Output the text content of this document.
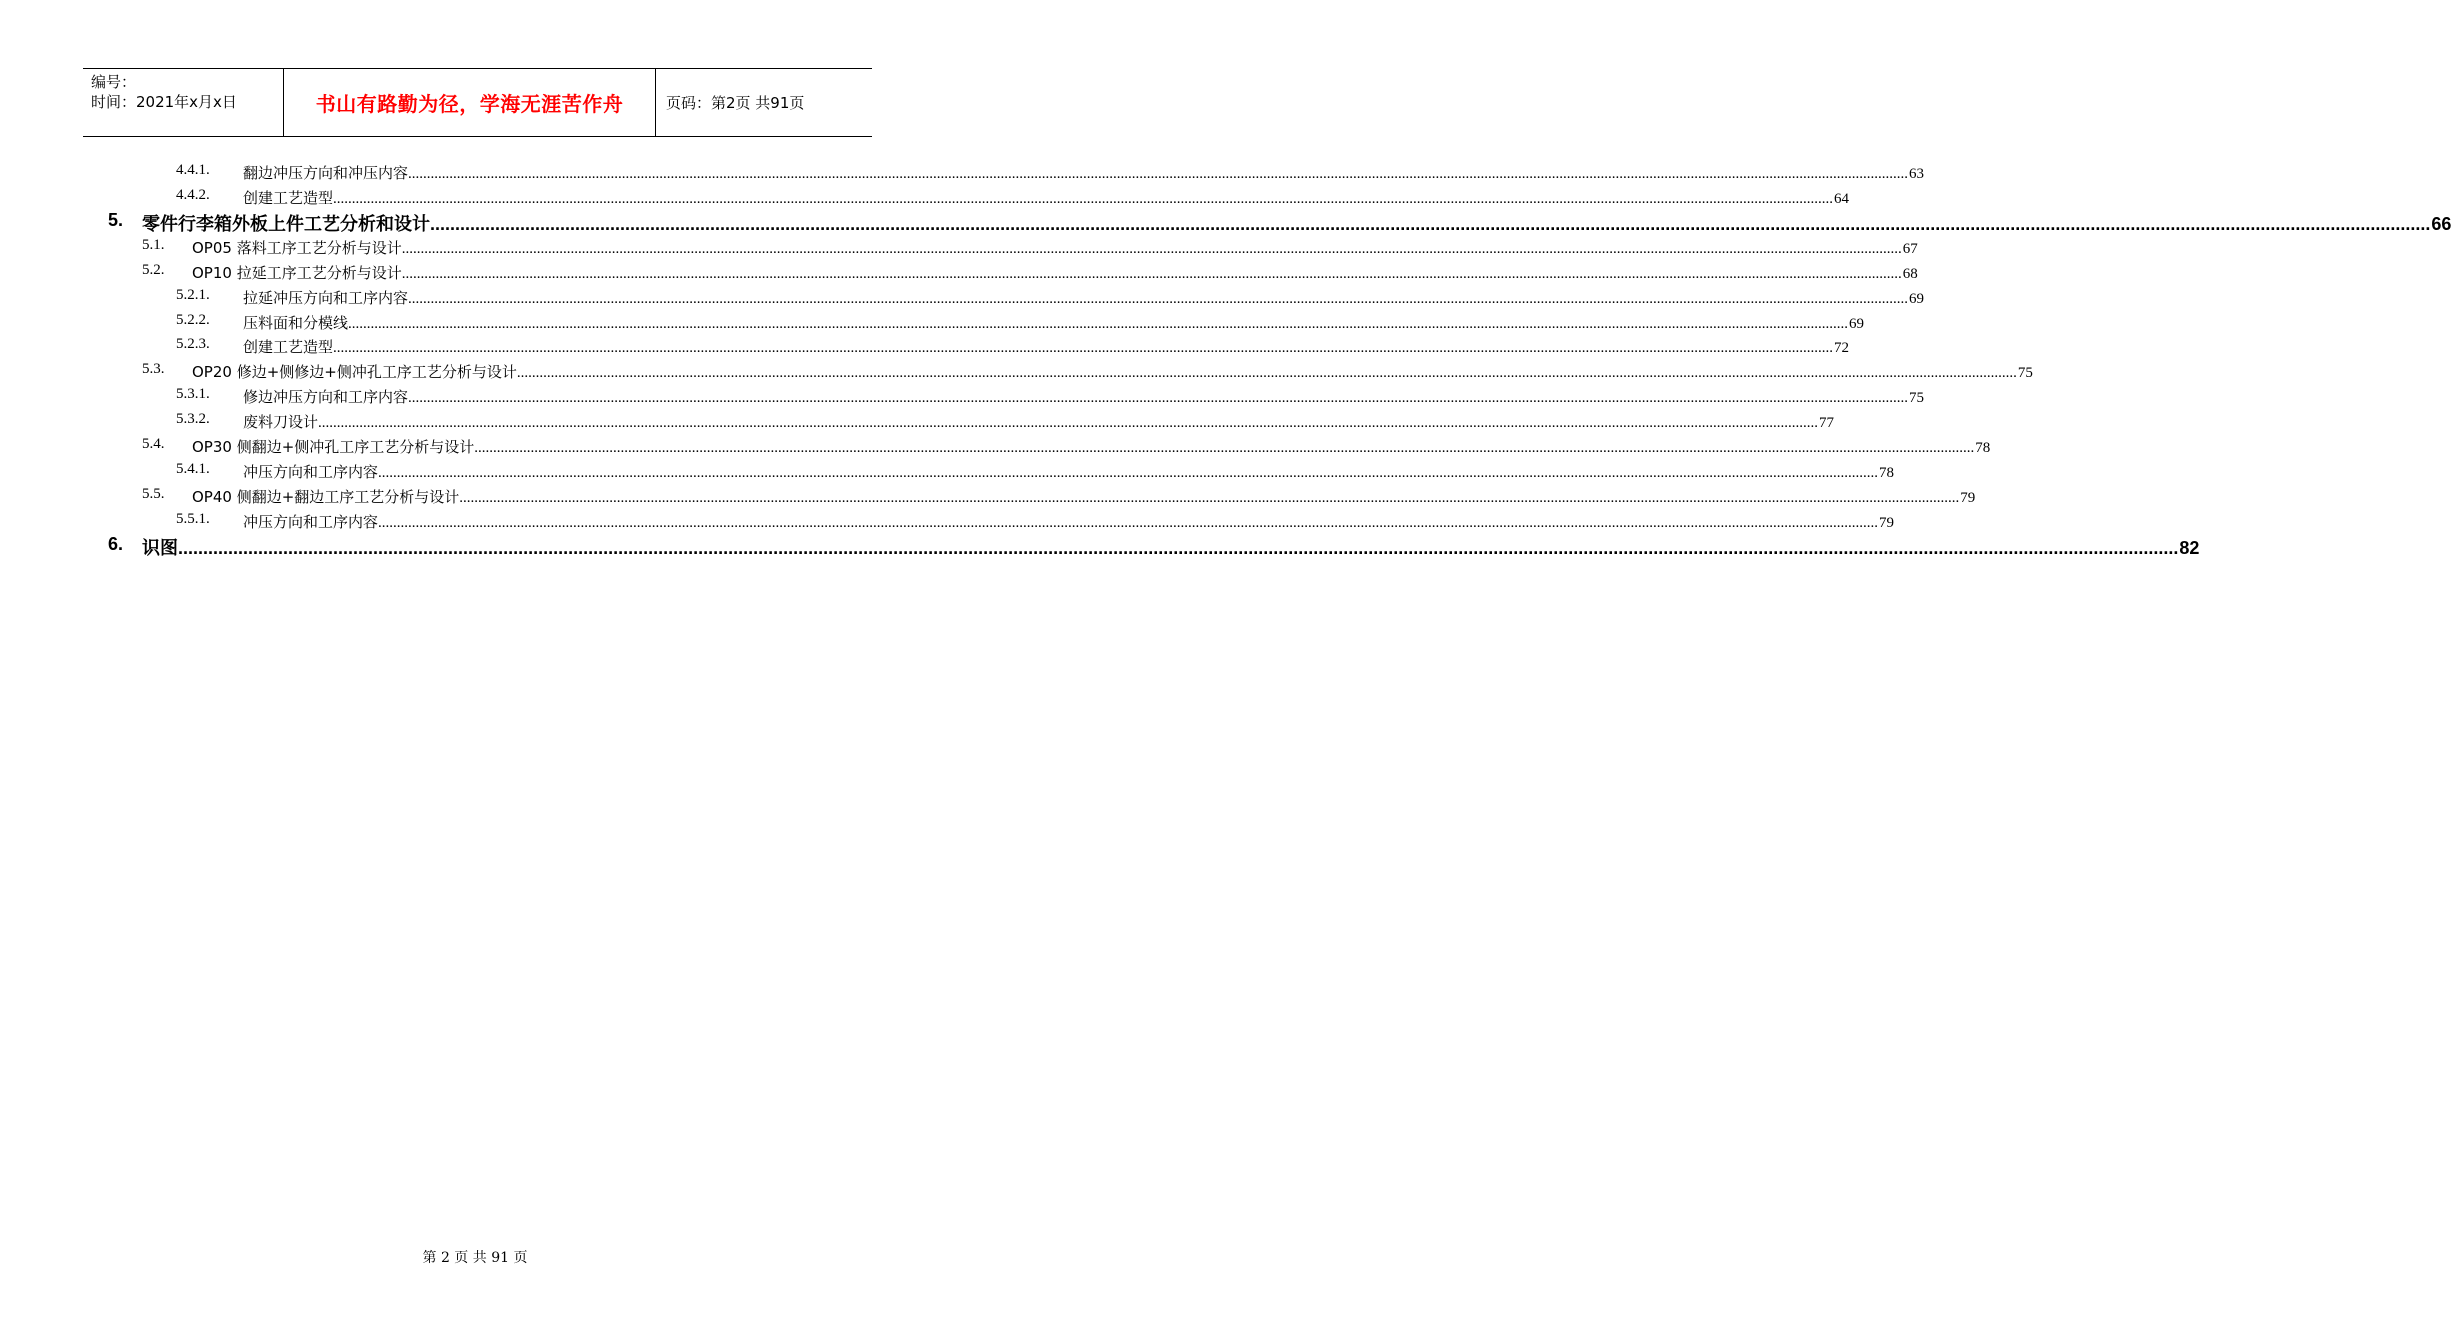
编号：
时间：2021年x月x日	书山有路勤为径，学海无涯苦作舟	页码：第2页 共91页
4.4.1. 翻边冲压方向和冲压内容 ................................................................................................................................................................................................................................................................................................................................................................................................................ 63
4.4.2. 创建工艺造型 ................................................................................................................................................................................................................................................................................................................................................................................................................ 64
5. 零件行李箱外板上件工艺分析和设计 ................................................................................................................................................................................................................................................................................................................................................................................................................ 66
5.1. OP05 落料工序工艺分析与设计 ................................................................................................................................................................................................................................................................................................................................................................................................................ 67
5.2. OP10 拉延工序工艺分析与设计 ................................................................................................................................................................................................................................................................................................................................................................................................................ 68
5.2.1. 拉延冲压方向和工序内容 ................................................................................................................................................................................................................................................................................................................................................................................................................ 69
5.2.2. 压料面和分模线 ................................................................................................................................................................................................................................................................................................................................................................................................................ 69
5.2.3. 创建工艺造型 ................................................................................................................................................................................................................................................................................................................................................................................................................ 72
5.3. OP20 修边+侧修边+侧冲孔工序工艺分析与设计 ................................................................................................................................................................................................................................................................................................................................................................................................................ 75
5.3.1. 修边冲压方向和工序内容 ................................................................................................................................................................................................................................................................................................................................................................................................................ 75
5.3.2. 废料刀设计 ................................................................................................................................................................................................................................................................................................................................................................................................................ 77
5.4. OP30 侧翻边+侧冲孔工序工艺分析与设计 ................................................................................................................................................................................................................................................................................................................................................................................................................ 78
5.4.1. 冲压方向和工序内容 ................................................................................................................................................................................................................................................................................................................................................................................................................ 78
5.5. OP40 侧翻边+翻边工序工艺分析与设计 ................................................................................................................................................................................................................................................................................................................................................................................................................ 79
5.5.1. 冲压方向和工序内容 ................................................................................................................................................................................................................................................................................................................................................................................................................ 79
6. 识图 ................................................................................................................................................................................................................................................................................................................................................................................................................ 82
第 2 页 共 91 页
